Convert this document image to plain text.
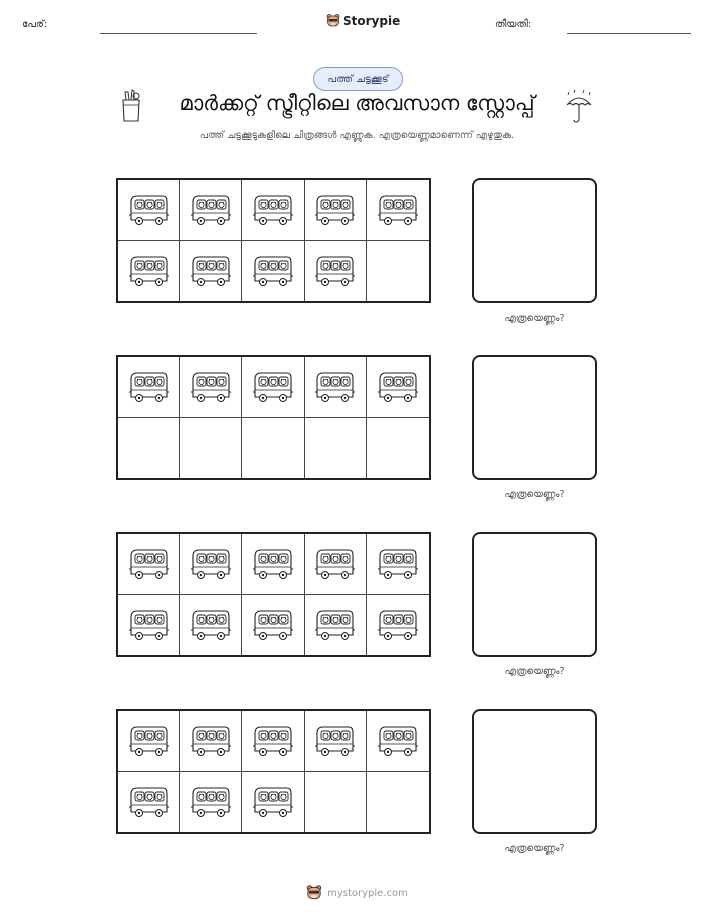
പേര്:	Storypie	തീയതി:
പത്ത് ചട്ടക്കൂട്
മാർക്കറ്റ് സ്ട്രീറ്റിലെ അവസാന സ്റ്റോപ്പ്
പത്ത് ചട്ടക്കൂടുകളിലെ ചിത്രങ്ങൾ എണ്ണുക. എത്രയെണ്ണമാണെന്ന് എഴുതുക.
എത്രയെണ്ണം?
എത്രയെണ്ണം?
എത്രയെണ്ണം?
എത്രയെണ്ണം?
mystorypie.com
